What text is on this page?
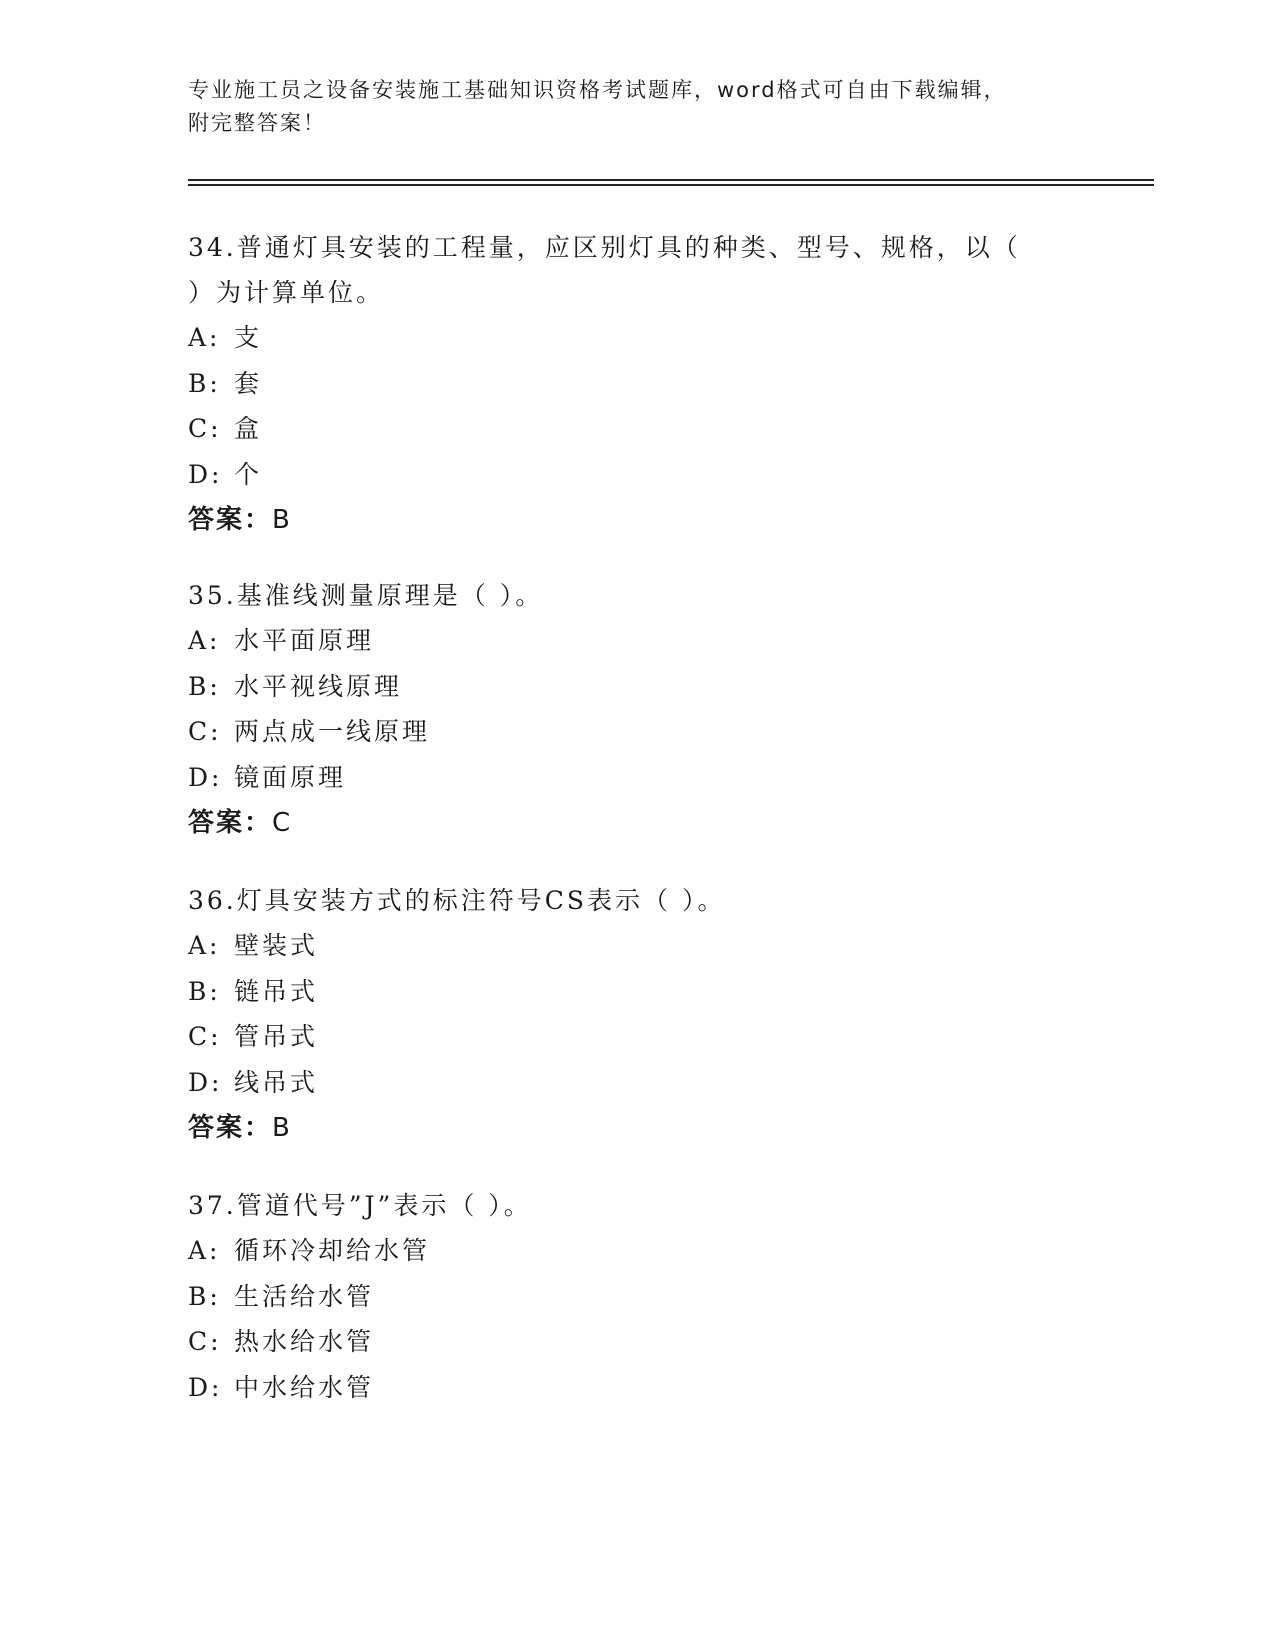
专业施工员之设备安装施工基础知识资格考试题库，word格式可自由下载编辑，
附完整答案！
34.普通灯具安装的工程量，应区别灯具的种类、型号、规格，以（
）为计算单位。
A: 支
B: 套
C: 盒
D: 个
答案：B
35.基准线测量原理是（ ）。
A: 水平面原理
B: 水平视线原理
C: 两点成一线原理
D: 镜面原理
答案：C
36.灯具安装方式的标注符号CS表示（ ）。
A: 壁装式
B: 链吊式
C: 管吊式
D: 线吊式
答案：B
37.管道代号”J”表示（ ）。
A: 循环冷却给水管
B: 生活给水管
C: 热水给水管
D: 中水给水管
